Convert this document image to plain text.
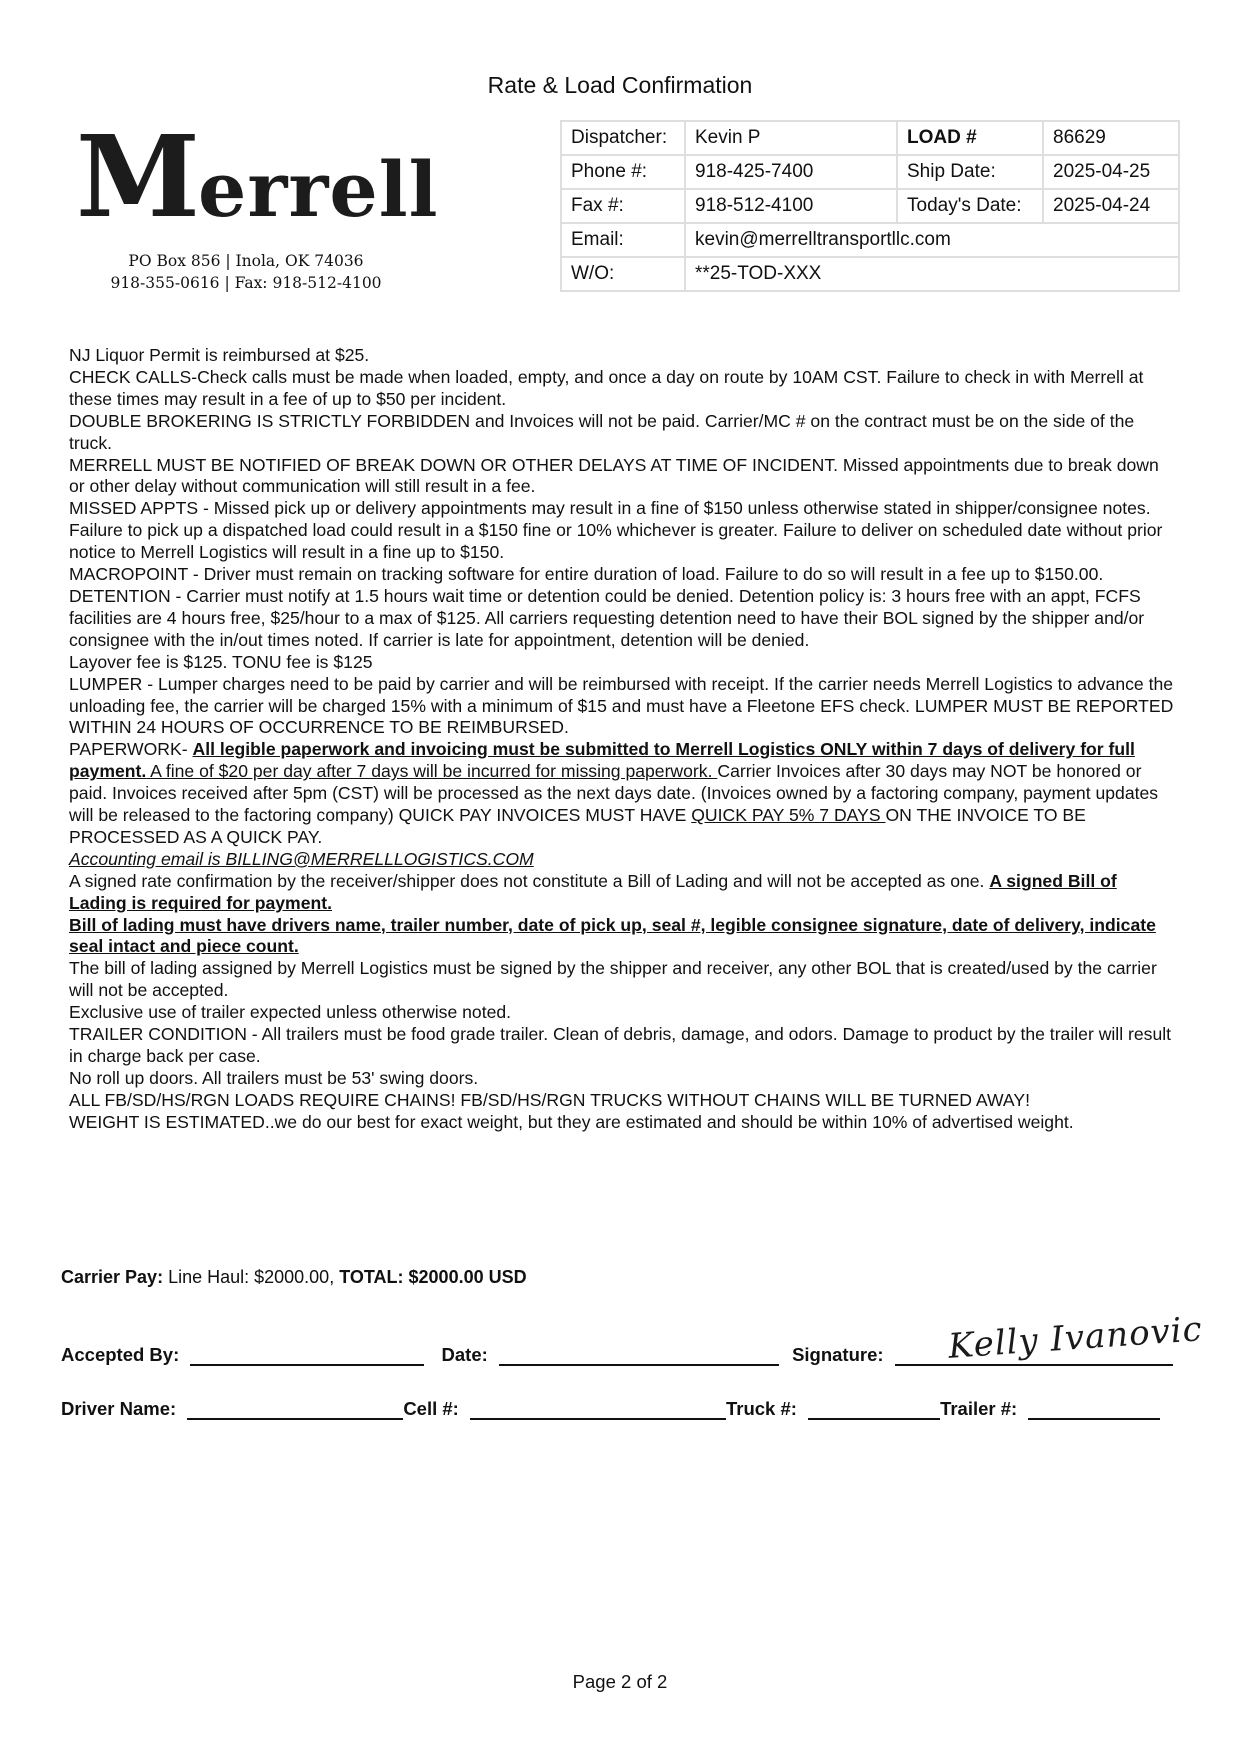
Rate & Load Confirmation
Merrell
PO Box 856 | Inola, OK 74036
918-355-0616 | Fax: 918-512-4100
Dispatcher:	Kevin P	LOAD #	86629
Phone #:	918-425-7400	Ship Date:	2025-04-25
Fax #:	918-512-4100	Today's Date:	2025-04-24
Email:	kevin@merrelltransportllc.com		
W/O:	**25-TOD-XXX		

NJ Liquor Permit is reimbursed at $25.

CHECK CALLS-Check calls must be made when loaded, empty, and once a day on route by 10AM CST. Failure to check in with Merrell at these times may result in a fee of up to $50 per incident.

DOUBLE BROKERING IS STRICTLY FORBIDDEN and Invoices will not be paid. Carrier/MC # on the contract must be on the side of the truck.

MERRELL MUST BE NOTIFIED OF BREAK DOWN OR OTHER DELAYS AT TIME OF INCIDENT. Missed appointments due to break down or other delay without communication will still result in a fee.

MISSED APPTS - Missed pick up or delivery appointments may result in a fine of $150 unless otherwise stated in shipper/consignee notes. Failure to pick up a dispatched load could result in a $150 fine or 10% whichever is greater. Failure to deliver on scheduled date without prior notice to Merrell Logistics will result in a fine up to $150.

MACROPOINT - Driver must remain on tracking software for entire duration of load. Failure to do so will result in a fee up to $150.00.

DETENTION - Carrier must notify at 1.5 hours wait time or detention could be denied. Detention policy is: 3 hours free with an appt, FCFS facilities are 4 hours free, $25/hour to a max of $125. All carriers requesting detention need to have their BOL signed by the shipper and/or consignee with the in/out times noted. If carrier is late for appointment, detention will be denied.

Layover fee is $125. TONU fee is $125

LUMPER - Lumper charges need to be paid by carrier and will be reimbursed with receipt. If the carrier needs Merrell Logistics to advance the unloading fee, the carrier will be charged 15% with a minimum of $15 and must have a Fleetone EFS check. LUMPER MUST BE REPORTED WITHIN 24 HOURS OF OCCURRENCE TO BE REIMBURSED.

PAPERWORK- All legible paperwork and invoicing must be submitted to Merrell Logistics ONLY within 7 days of delivery for full payment. A fine of $20 per day after 7 days will be incurred for missing paperwork. Carrier Invoices after 30 days may NOT be honored or paid. Invoices received after 5pm (CST) will be processed as the next days date. (Invoices owned by a factoring company, payment updates will be released to the factoring company) QUICK PAY INVOICES MUST HAVE QUICK PAY 5% 7 DAYS ON THE INVOICE TO BE PROCESSED AS A QUICK PAY.

Accounting email is BILLING@MERRELLLOGISTICS.COM

A signed rate confirmation by the receiver/shipper does not constitute a Bill of Lading and will not be accepted as one. A signed Bill of Lading is required for payment.

Bill of lading must have drivers name, trailer number, date of pick up, seal #, legible consignee signature, date of delivery, indicate seal intact and piece count.

The bill of lading assigned by Merrell Logistics must be signed by the shipper and receiver, any other BOL that is created/used by the carrier will not be accepted.

Exclusive use of trailer expected unless otherwise noted.

TRAILER CONDITION - All trailers must be food grade trailer. Clean of debris, damage, and odors. Damage to product by the trailer will result in charge back per case.

No roll up doors. All trailers must be 53' swing doors.

ALL FB/SD/HS/RGN LOADS REQUIRE CHAINS! FB/SD/HS/RGN TRUCKS WITHOUT CHAINS WILL BE TURNED AWAY!

WEIGHT IS ESTIMATED..we do our best for exact weight, but they are estimated and should be within 10% of advertised weight.

Carrier Pay: Line Haul: $2000.00, TOTAL: $2000.00 USD
Accepted By:	Date:	Signature:	Kelly Ivanovic
Driver Name:	Cell #:	Truck #:	Trailer #:
Page 2 of 2
